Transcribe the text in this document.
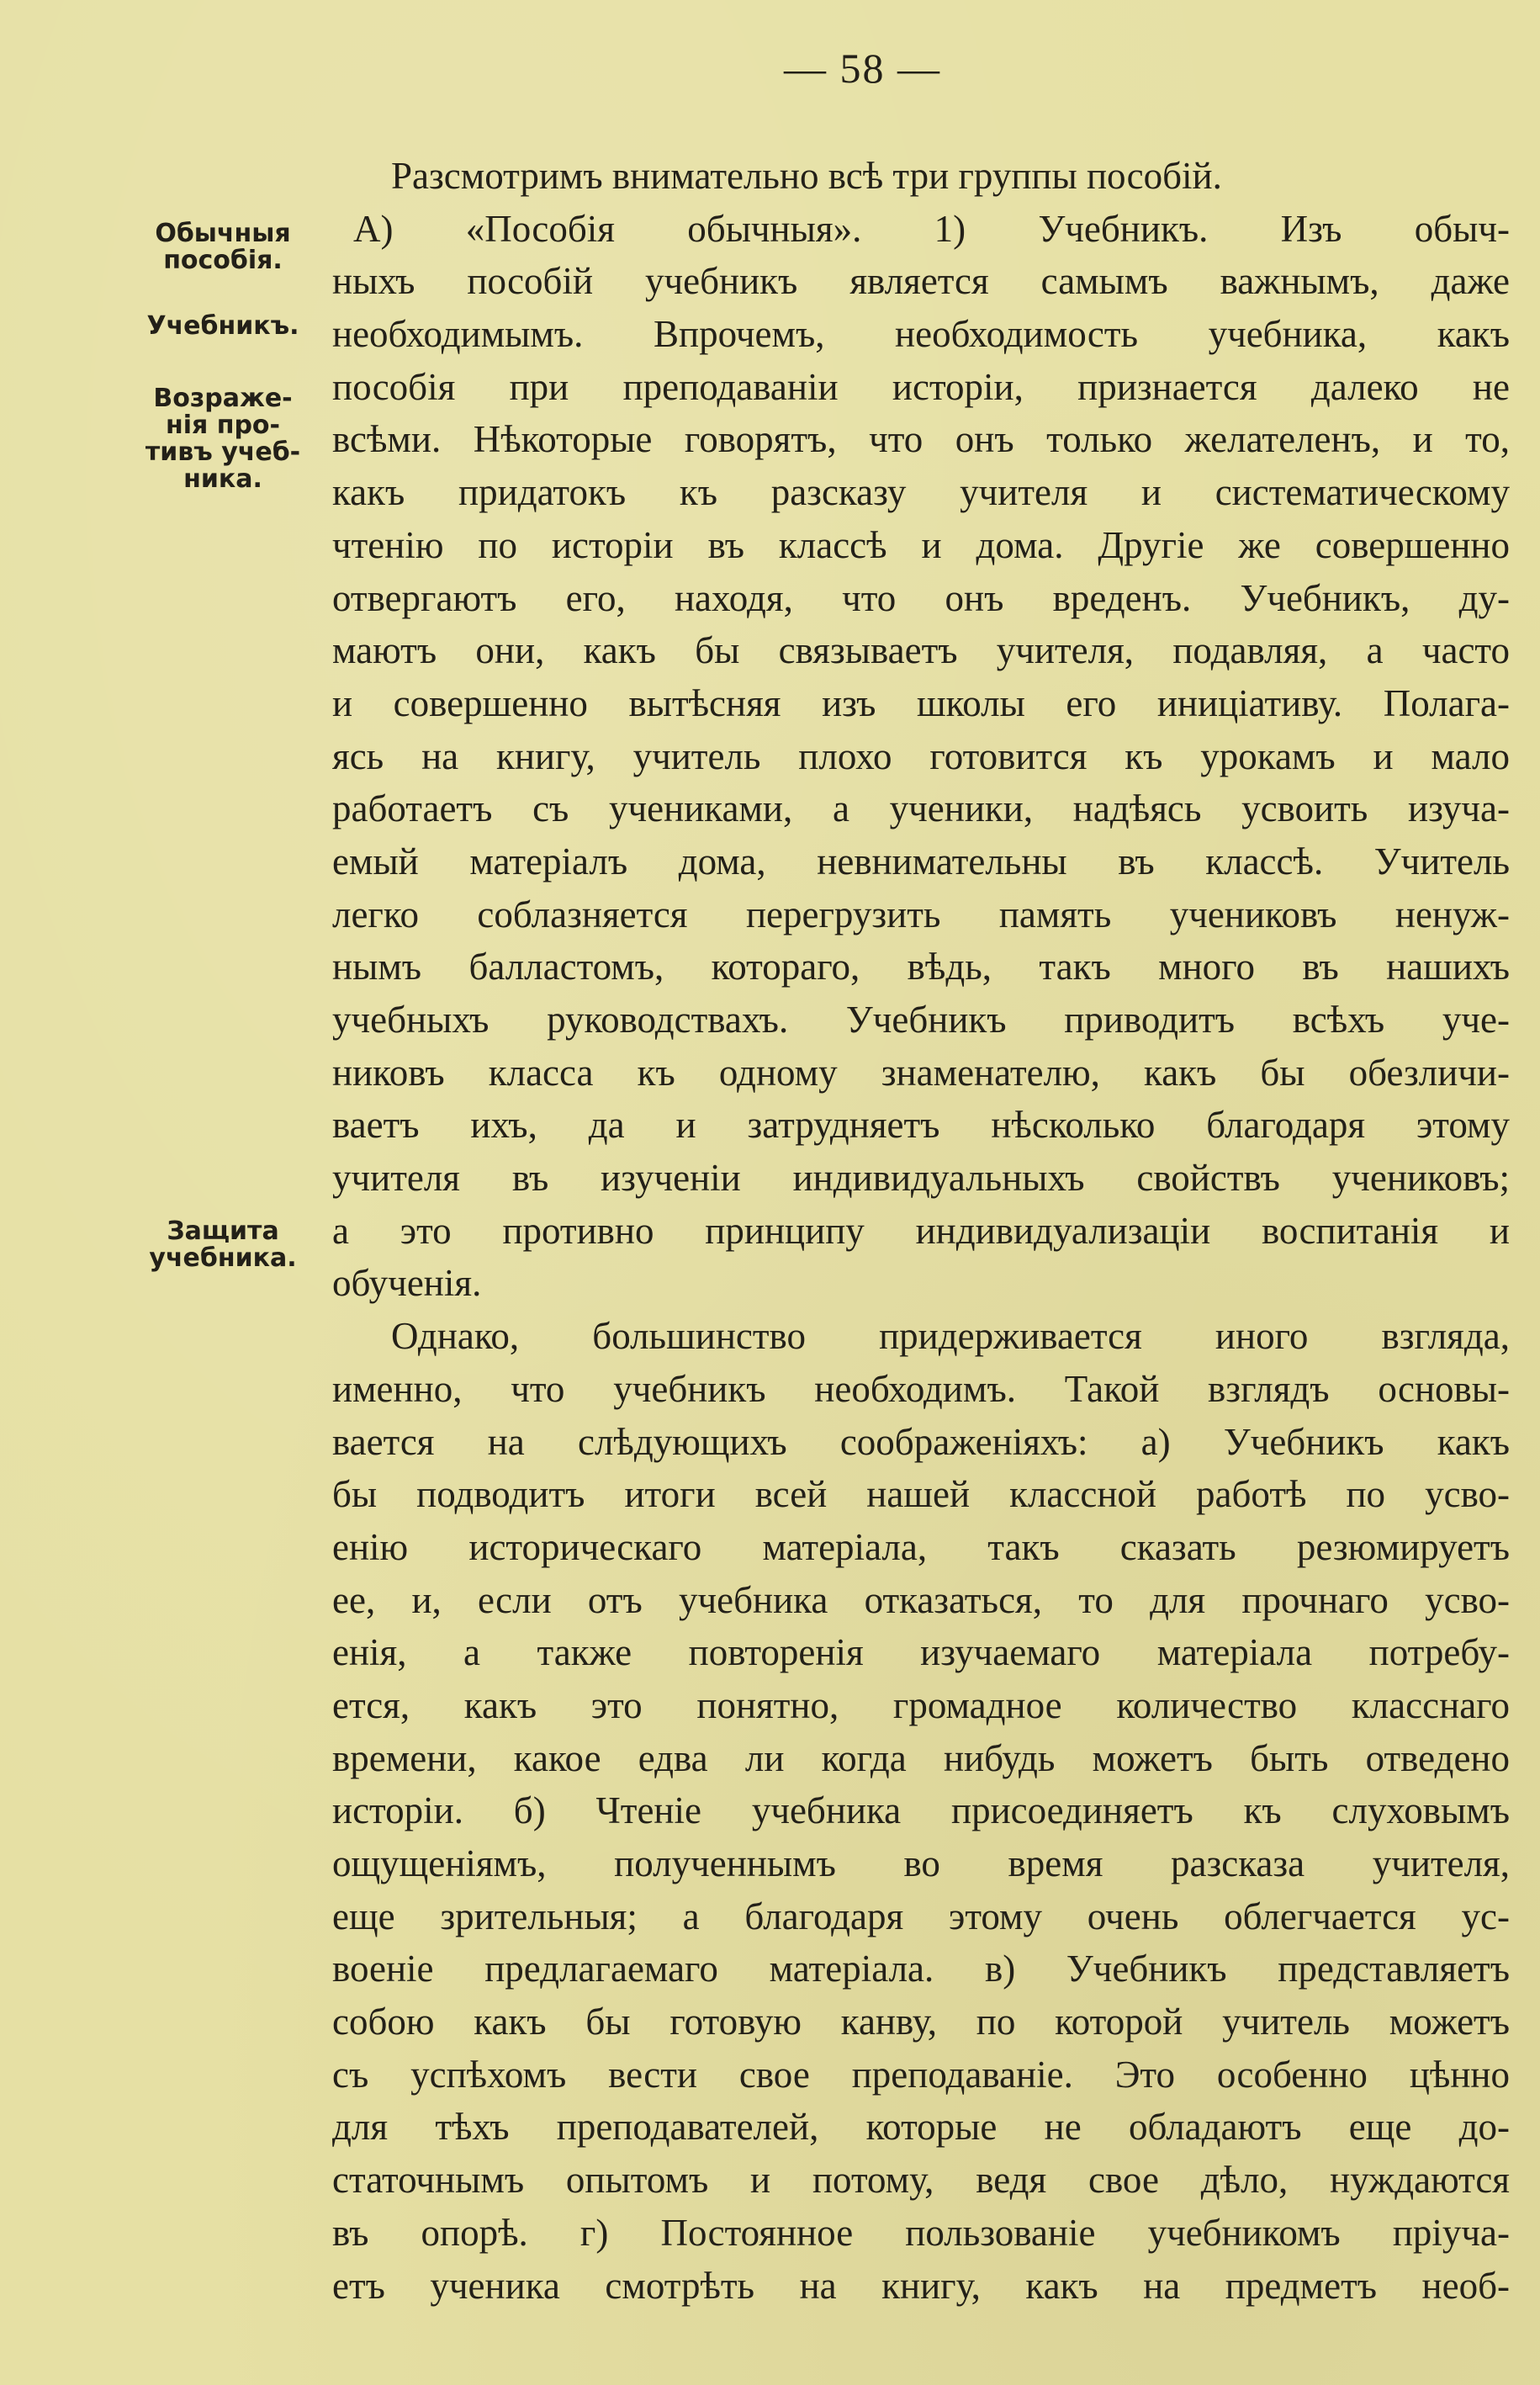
— 58 —
Обычныя
пособія.
Учебникъ.
Возраже-
нія про-
тивъ учеб-
ника.
Защита
учебника.
Разсмотримъ внимательно всѣ три группы пособій.
А) «Пособія обычныя». 1) Учебникъ. Изъ обыч-
ныхъ пособій учебникъ является самымъ важнымъ, даже
необходимымъ. Впрочемъ, необходимость учебника, какъ
пособія при преподаваніи исторіи, признается далеко не
всѣми. Нѣкоторые говорятъ, что онъ только желателенъ, и то,
какъ придатокъ къ разсказу учителя и систематическому
чтенію по исторіи въ классѣ и дома. Другіе же совершенно
отвергаютъ его, находя, что онъ вреденъ. Учебникъ, ду-
маютъ они, какъ бы связываетъ учителя, подавляя, а часто
и совершенно вытѣсняя изъ школы его иниціативу. Полага-
ясь на книгу, учитель плохо готовится къ урокамъ и мало
работаетъ съ учениками, а ученики, надѣясь усвоить изуча-
емый матеріалъ дома, невнимательны въ классѣ. Учитель
легко соблазняется перегрузить память учениковъ ненуж-
нымъ балластомъ, котораго, вѣдь, такъ много въ нашихъ
учебныхъ руководствахъ. Учебникъ приводитъ всѣхъ уче-
никовъ класса къ одному знаменателю, какъ бы обезличи-
ваетъ ихъ, да и затрудняетъ нѣсколько благодаря этому
учителя въ изученіи индивидуальныхъ свойствъ учениковъ;
а это противно принципу индивидуализаціи воспитанія и
обученія.
Однако, большинство придерживается иного взгляда,
именно, что учебникъ необходимъ. Такой взглядъ основы-
вается на слѣдующихъ соображеніяхъ: а) Учебникъ какъ
бы подводитъ итоги всей нашей классной работѣ по усво-
енію историческаго матеріала, такъ сказать резюмируетъ
ее, и, если отъ учебника отказаться, то для прочнаго усво-
енія, а также повторенія изучаемаго матеріала потребу-
ется, какъ это понятно, громадное количество класснаго
времени, какое едва ли когда нибудь можетъ быть отведено
исторіи. б) Чтеніе учебника присоединяетъ къ слуховымъ
ощущеніямъ, полученнымъ во время разсказа учителя,
еще зрительныя; а благодаря этому очень облегчается ус-
военіе предлагаемаго матеріала. в) Учебникъ представляетъ
собою какъ бы готовую канву, по которой учитель можетъ
съ успѣхомъ вести свое преподаваніе. Это особенно цѣнно
для тѣхъ преподавателей, которые не обладаютъ еще до-
статочнымъ опытомъ и потому, ведя свое дѣло, нуждаются
въ опорѣ. г) Постоянное пользованіе учебникомъ пріуча-
етъ ученика смотрѣть на книгу, какъ на предметъ необ-
